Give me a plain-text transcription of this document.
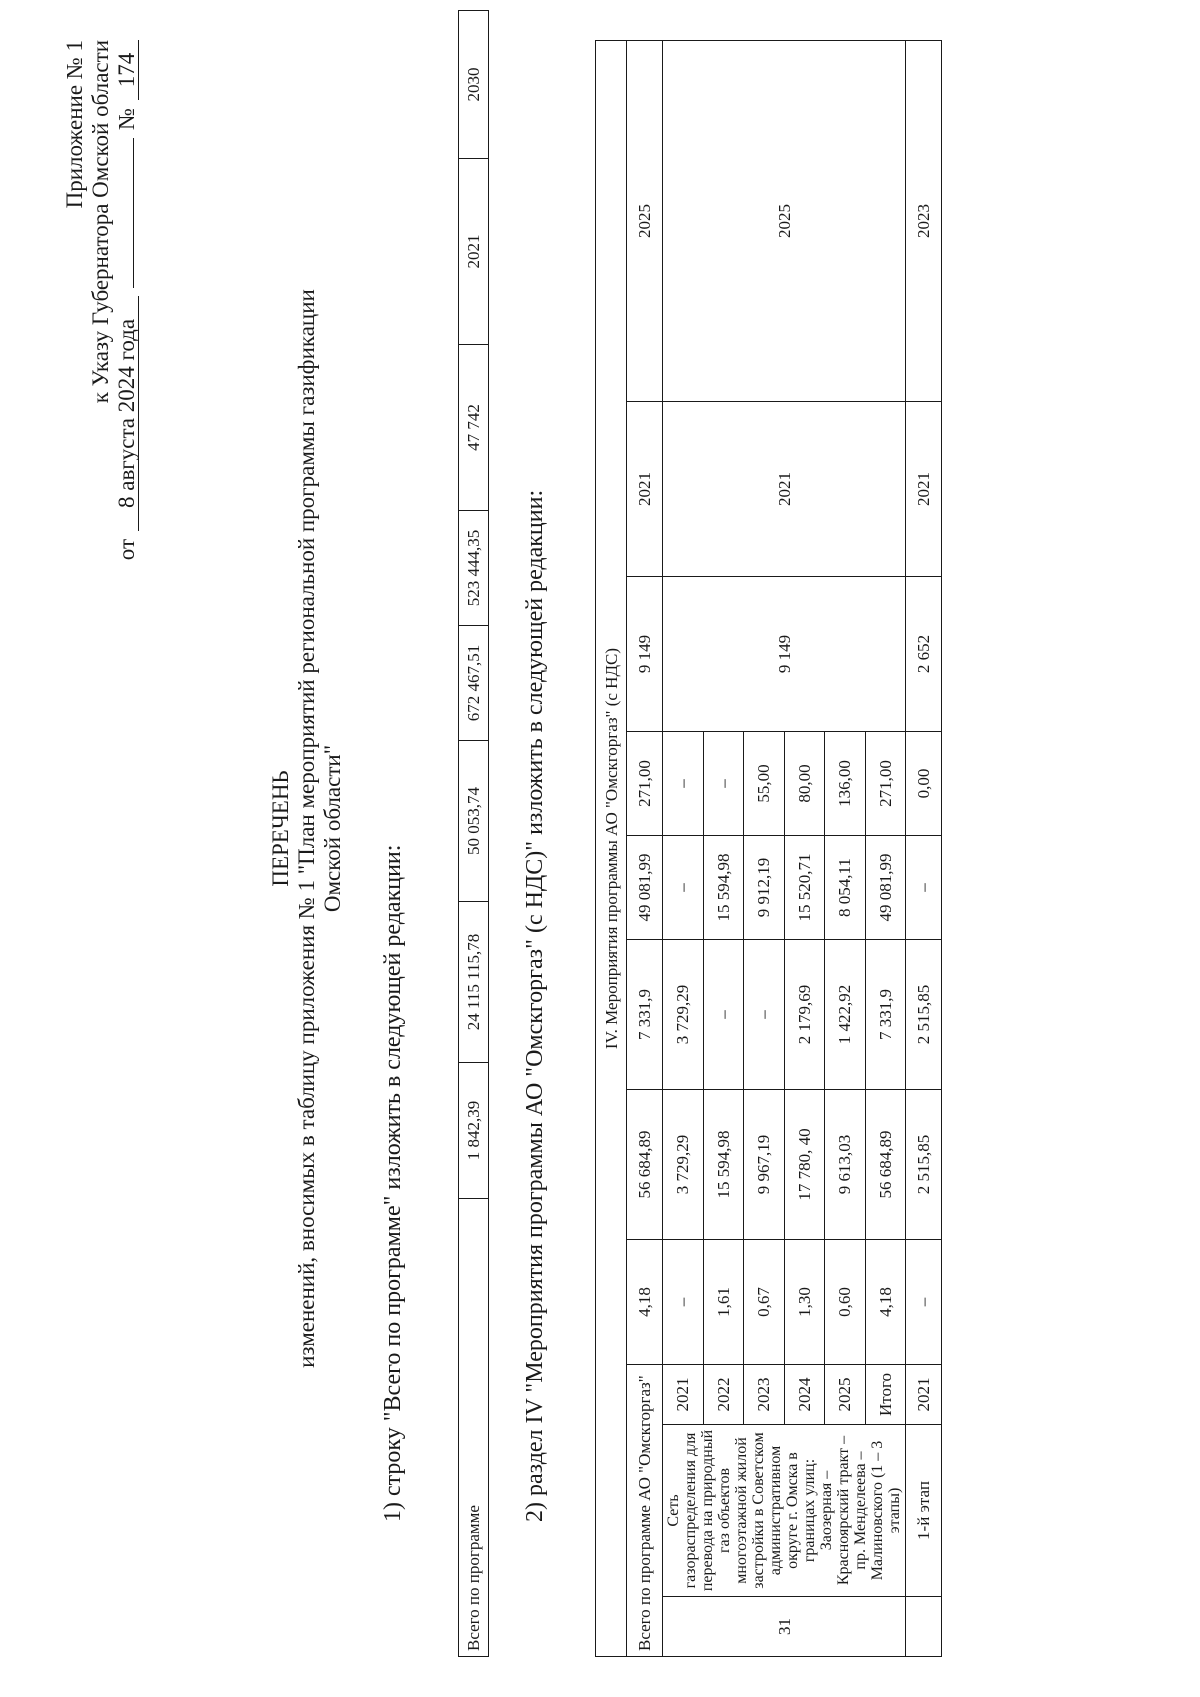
Приложение № 1 к Указу Губернатора Омской области
от
8 августа 2024 года
№
174
ПЕРЕЧЕНЬ изменений, вносимых в таблицу приложения № 1 "План мероприятий региональной программы газификации Омской области"
1) строку "Всего по программе" изложить в следующей редакции:
Всего по программе	1 842,39	24 115 115,78	50 053,74	672 467,51	523 444,35	47 742	2021	2030
2) раздел IV "Мероприятия программы АО "Омскгоргаз" (с НДС)" изложить в следующей редакции:	IV. Мероприятия программы АО "Омскгоргаз" (с НДС)										
Всего по программе АО "Омскгоргаз"			4,18	56 684,89	7 331,9	49 081,99	271,00	9 149	2021	2025
31	Сеть газораспределения для перевода на природный газ объектов многоэтажной жилой застройки в Советском административном округе г. Омска в границах улиц: Заозерная – Красноярский тракт – пр. Менделеева – Малиновского (1 – 3 этапы)	2021	–	3 729,29	3 729,29	–	–	9 149	2021	2025
		2022	1,61	15 594,98	–	15 594,98	–			
		2023	0,67	9 967,19	–	9 912,19	55,00			
		2024	1,30	17 780, 40	2 179,69	15 520,71	80,00			
		2025	0,60	9 613,03	1 422,92	8 054,11	136,00			
		Итого	4,18	56 684,89	7 331,9	49 081,99	271,00			
	1-й этап	2021	–	2 515,85	2 515,85	–	0,00	2 652	2021	2023
